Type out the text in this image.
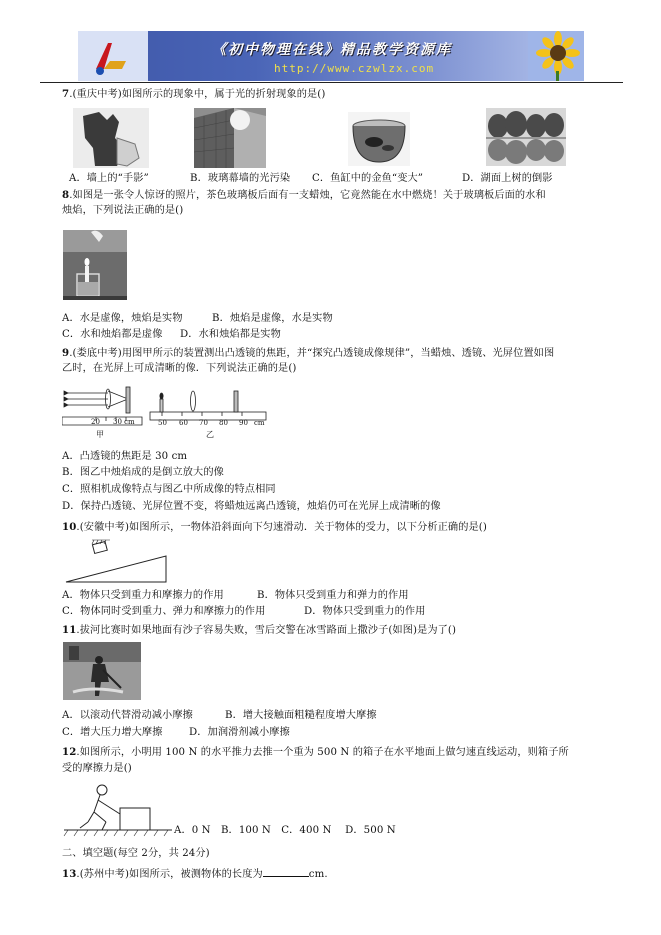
《初中物理在线》精品教学资源库
http://www.czwlzx.com
7.(重庆中考)如图所示的现象中，属于光的折射现象的是()
A．墙上的“手影”	B．玻璃幕墙的光污染 C．鱼缸中的金鱼“变大”	D．湖面上树的倒影
8.如图是一张令人惊讶的照片，茶色玻璃板后面有一支蜡烛，它竟然能在水中燃烧！关于玻璃板后面的水和
烛焰，下列说法正确的是()
A．水是虚像，烛焰是实物	B．烛焰是虚像，水是实物
C．水和烛焰都是虚像 D．水和烛焰都是实物
9.(娄底中考)用图甲所示的装置测出凸透镜的焦距，并“探究凸透镜成像规律”，当蜡烛、透镜、光屏位置如图
乙时，在光屏上可成清晰的像．下列说法正确的是()
20 30 cm
甲
50 60 70 80 90 cm
乙
A．凸透镜的焦距是 30 cm
B．图乙中烛焰成的是倒立放大的像
C．照相机成像特点与图乙中所成像的特点相同
D．保持凸透镜、光屏位置不变，将蜡烛远离凸透镜，烛焰仍可在光屏上成清晰的像
10.(安徽中考)如图所示，一物体沿斜面向下匀速滑动．关于物体的受力，以下分析正确的是()
A．物体只受到重力和摩擦力的作用	B．物体只受到重力和弹力的作用
C．物体同时受到重力、弹力和摩擦力的作用	D．物体只受到重力的作用
11.拔河比赛时如果地面有沙子容易失败，雪后交警在冰雪路面上撒沙子(如图)是为了()
A．以滚动代替滑动减小摩擦	B．增大接触面粗糙程度增大摩擦
C．增大压力增大摩擦	D．加润滑剂减小摩擦
12.如图所示，小明用 100 N 的水平推力去推一个重为 500 N 的箱子在水平地面上做匀速直线运动，则箱子所
受的摩擦力是()
A．0 N　B．100 N　C．400 N　 D．500 N
二、填空题(每空 2分，共 24分)
13.(苏州中考)如图所示，被测物体的长度为	cm.
